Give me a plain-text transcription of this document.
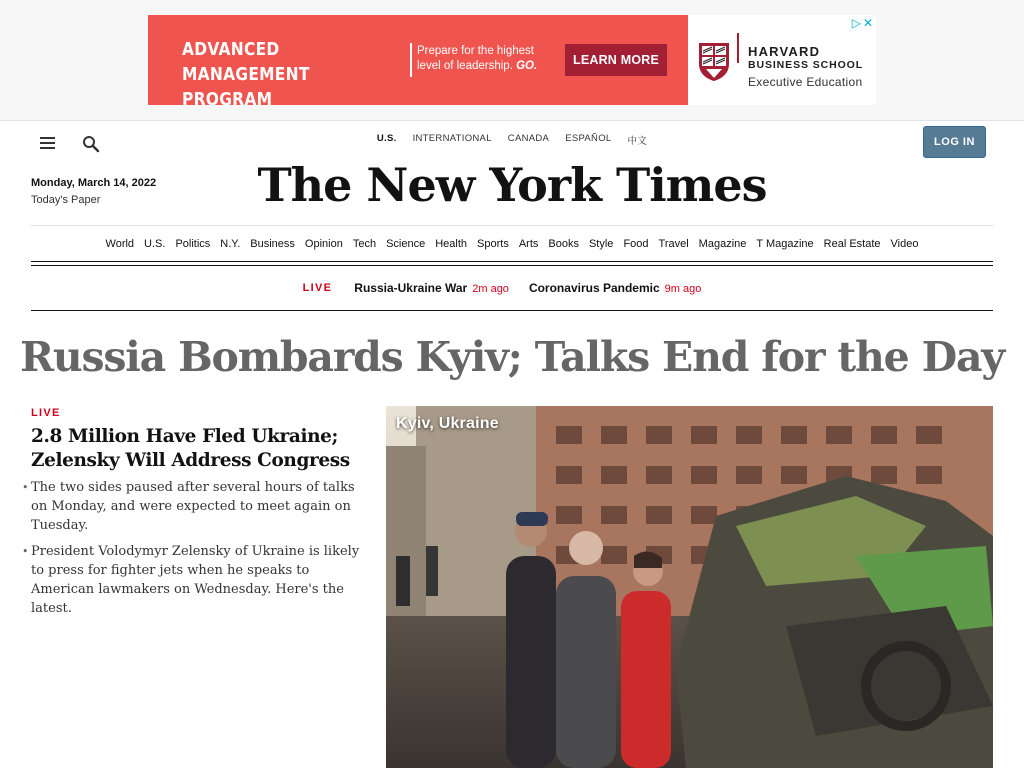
ADVANCED MANAGEMENT PROGRAM
Prepare for the highest level of leadership. GO.	LEARN MORE
HARVARD
BUSINESS SCHOOL
Executive Education
▷ ✕
U.S.	INTERNATIONAL	CANADA	ESPAÑOL	中文	LOG IN
Monday, March 14, 2022
Today's Paper	The New York Times
World U.S. Politics N.Y. Business Opinion Tech Science Health Sports Arts Books Style Food Travel Magazine T Magazine Real Estate Video
LIVE Russia-Ukraine War 2m ago Coronavirus Pandemic 9m ago
Russia Bombards Kyiv; Talks End for the Day
LIVE
2.8 Million Have Fled Ukraine; Zelensky Will Address Congress
• The two sides paused after several hours of talks on Monday, and were expected to meet again on Tuesday.
• President Volodymyr Zelensky of Ukraine is likely to press for fighter jets when he speaks to American lawmakers on Wednesday. Here's the latest.
Kyiv, Ukraine
